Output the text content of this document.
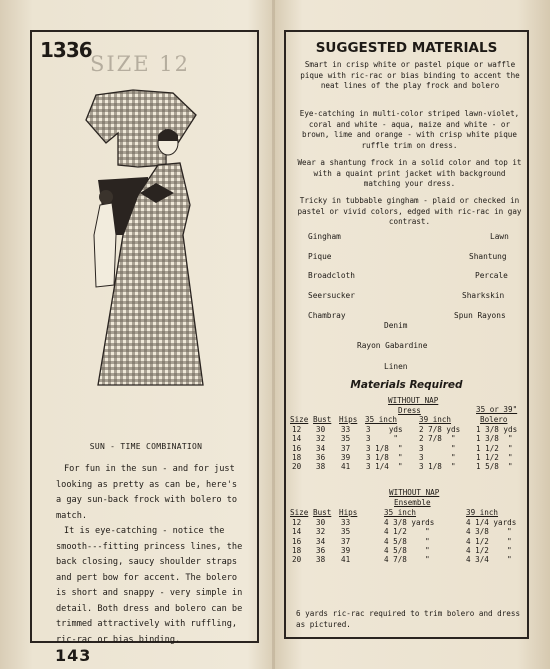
1336
SIZE 12
SUN - TIME COMBINATION

For fun in the sun - and for just looking as pretty as can be, here's a gay sun-back frock with bolero to match.

It is eye-catching - notice the smooth---fitting princess lines, the back closing, saucy shoulder straps and pert bow for accent. The bolero is short and snappy - very simple in detail. Both dress and bolero can be trimmed attractively with ruffling, ric-rac or bias binding.

143
SUGGESTED MATERIALS
Smart in crisp white or pastel pique or waffle pique with ric-rac or bias binding to accent the neat lines of the play frock and bolero
Eye-catching in multi-color striped lawn-violet, coral and white - aqua, maize and white - or brown, lime and orange - with crisp white pique ruffle trim on dress.
Wear a shantung frock in a solid color and top it with a quaint print jacket with background matching your dress.
Tricky in tubbable gingham - plaid or checked in pastel or vivid colors, edged with ric-rac in gay contrast.
Gingham	Lawn
Pique	Shantung
Broadcloth	Percale
Seersucker	Sharkskin
Chambray	Spun Rayons
Denim
Rayon Gabardine
Linen
Materials Required
WITHOUT NAP
Dress	35 or 39"
Size Bust Hips 35 inch	39 inch	Bolero
12 30 33 3    yds 2 7/8 yds 1 3/8 yds
14 32 35 3     "	2 7/8  "	1 3/8  "
16 34 37 3 1/8  " 3      "	1 1/2  "
18 36 39 3 1/8  " 3      "	1 1/2  "
20 38 41 3 1/4  " 3 1/8  "	1 5/8  "
WITHOUT NAP
Ensemble
Size Bust Hips	35 inch	39 inch
12 30 33	4 3/8 yards	4 1/4 yards
14 32 35	4 1/2    "	4 3/8    "
16 34 37	4 5/8    "	4 1/2    "
18 36 39	4 5/8    "	4 1/2    "
20 38 41	4 7/8    "	4 3/4    "
6 yards ric-rac required to trim bolero and dress as pictured.
